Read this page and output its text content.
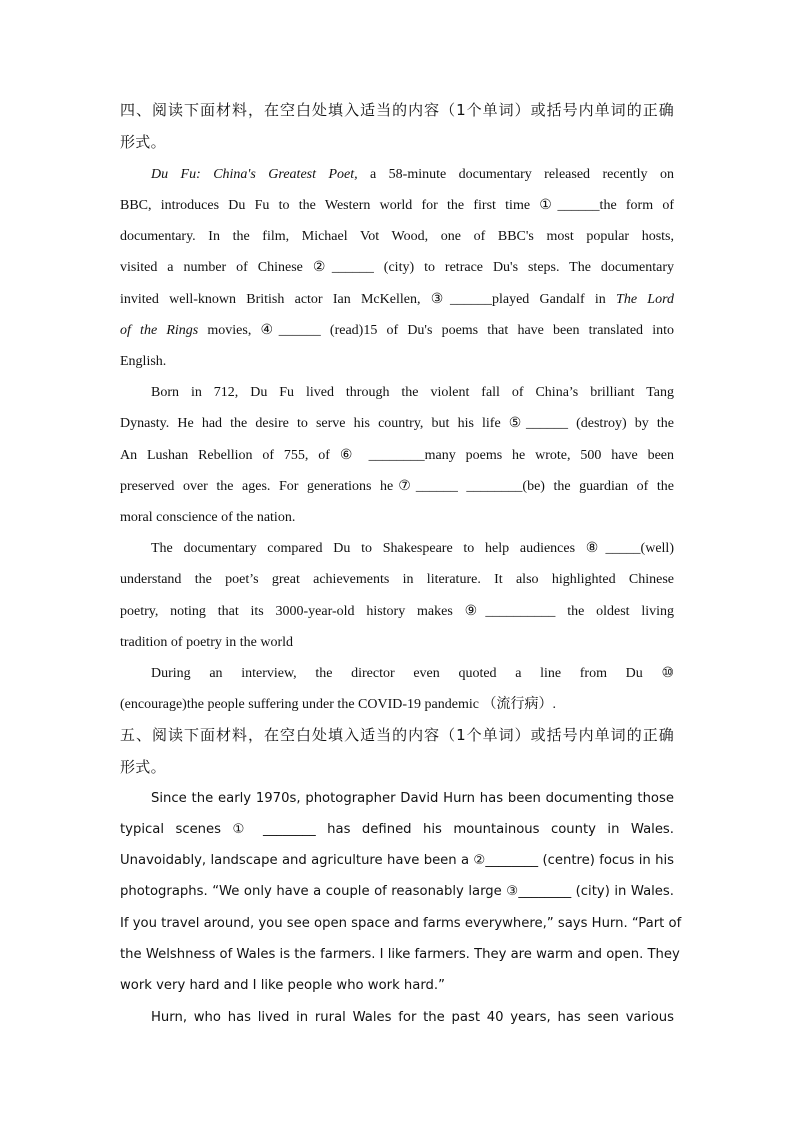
四、阅读下面材料，在空白处填入适当的内容（1个单词）或括号内单词的正确
形式。
Du Fu: China's Greatest Poet, a 58-minute documentary released recently on
BBC, introduces Du Fu to the Western world for the first time ①______the form of
documentary. In the film, Michael Vot Wood, one of BBC's most popular hosts,
visited a number of Chinese ②______ (city) to retrace Du's steps. The documentary
invited well-known British actor Ian McKellen, ③______played Gandalf in The Lord
of the Rings movies, ④______ (read)15 of Du's poems that have been translated into
English.
Born in 712, Du Fu lived through the violent fall of China’s brilliant Tang
Dynasty. He had the desire to serve his country, but his life ⑤______ (destroy) by the
An Lushan Rebellion of 755, of ⑥ ________many poems he wrote, 500 have been
preserved over the ages. For generations he⑦______ ________(be) the guardian of the
moral conscience of the nation.
The documentary compared Du to Shakespeare to help audiences ⑧_____(well)
understand the poet’s great achievements in literature. It also highlighted Chinese
poetry, noting that its 3000-year-old history makes ⑨__________ the oldest living
tradition of poetry in the world
During an interview, the director even quoted a line from Du ⑩
(encourage)the people suffering under the COVID-19 pandemic （流行病）.
五、阅读下面材料，在空白处填入适当的内容（1个单词）或括号内单词的正确
形式。
Since the early 1970s, photographer David Hurn has been documenting those
typical scenes ① ________ has defined his mountainous county in Wales.
Unavoidably, landscape and agriculture have been a ②________ (centre) focus in his
photographs. “We only have a couple of reasonably large ③________ (city) in Wales.
If you travel around, you see open space and farms everywhere,” says Hurn. “Part of
the Welshness of Wales is the farmers. I like farmers. They are warm and open. They
work very hard and I like people who work hard.”
Hurn, who has lived in rural Wales for the past 40 years, has seen various
